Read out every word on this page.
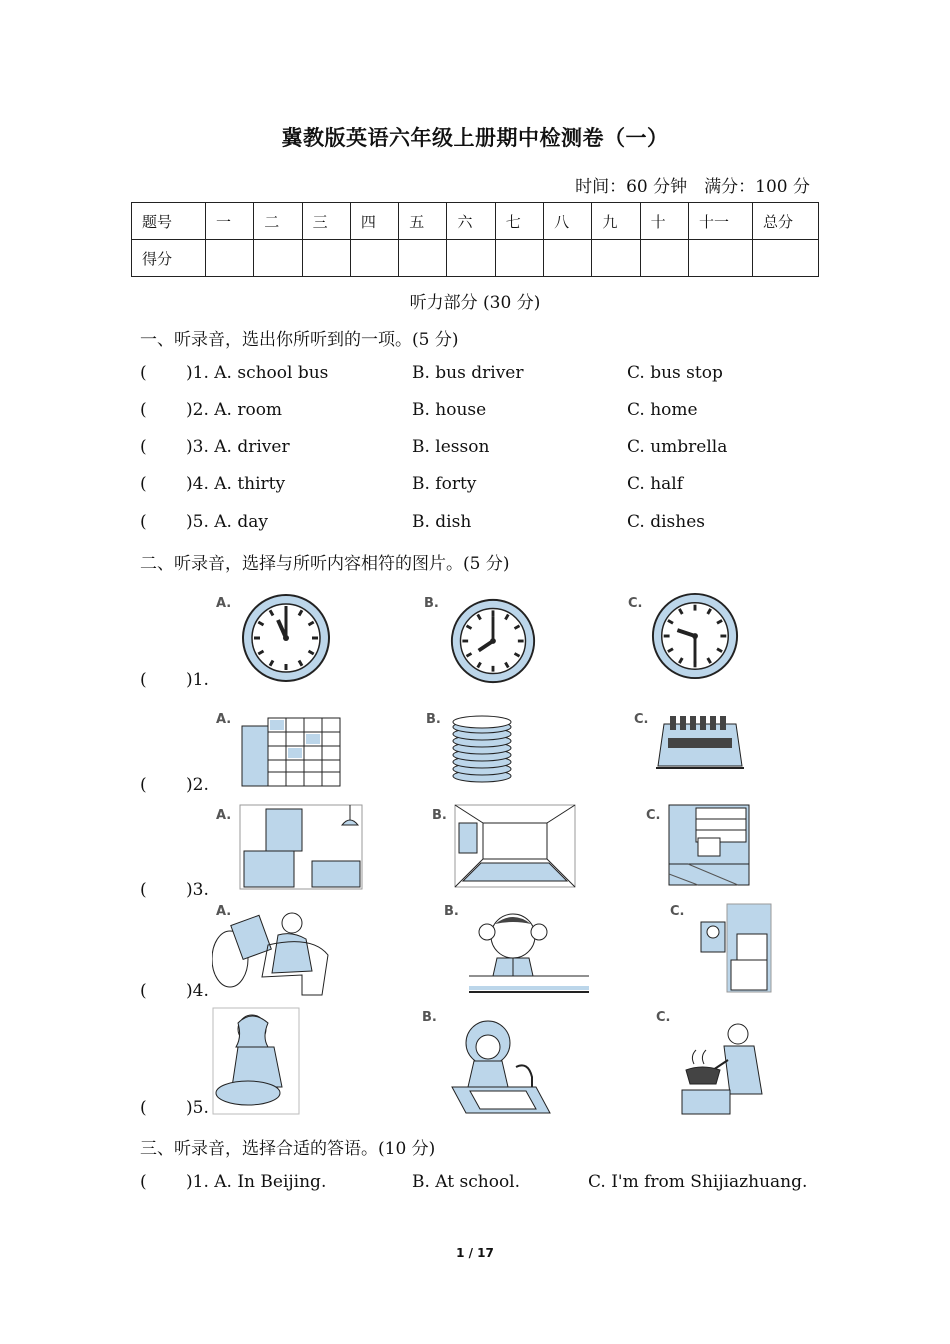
冀教版英语六年级上册期中检测卷（一）
时间：60 分钟　满分：100 分
题号	一	二	三	四	五	六	七	八	九	十	十一	总分
得分												
听力部分 (30 分)
一、听录音，选出你所听到的一项。(5 分)
( )1. A. school bus	B. bus driver	C. bus stop
( )2. A. room	B. house	C. home
( )3. A. driver	B. lesson	C. umbrella
( )4. A. thirty	B. forty	C. half
( )5. A. day	B. dish	C. dishes
二、听录音，选择与所听内容相符的图片。(5 分)
( )1.
A.	B.	C.
( )2.
A.	B.	C.
( )3.
A.	B.	C.
( )4.
A.	B.	C.
( )5.
B.	C.
三、听录音，选择合适的答语。(10 分)
( )1. A. In Beijing.	B. At school.	C. I'm from Shijiazhuang.
1 / 17
